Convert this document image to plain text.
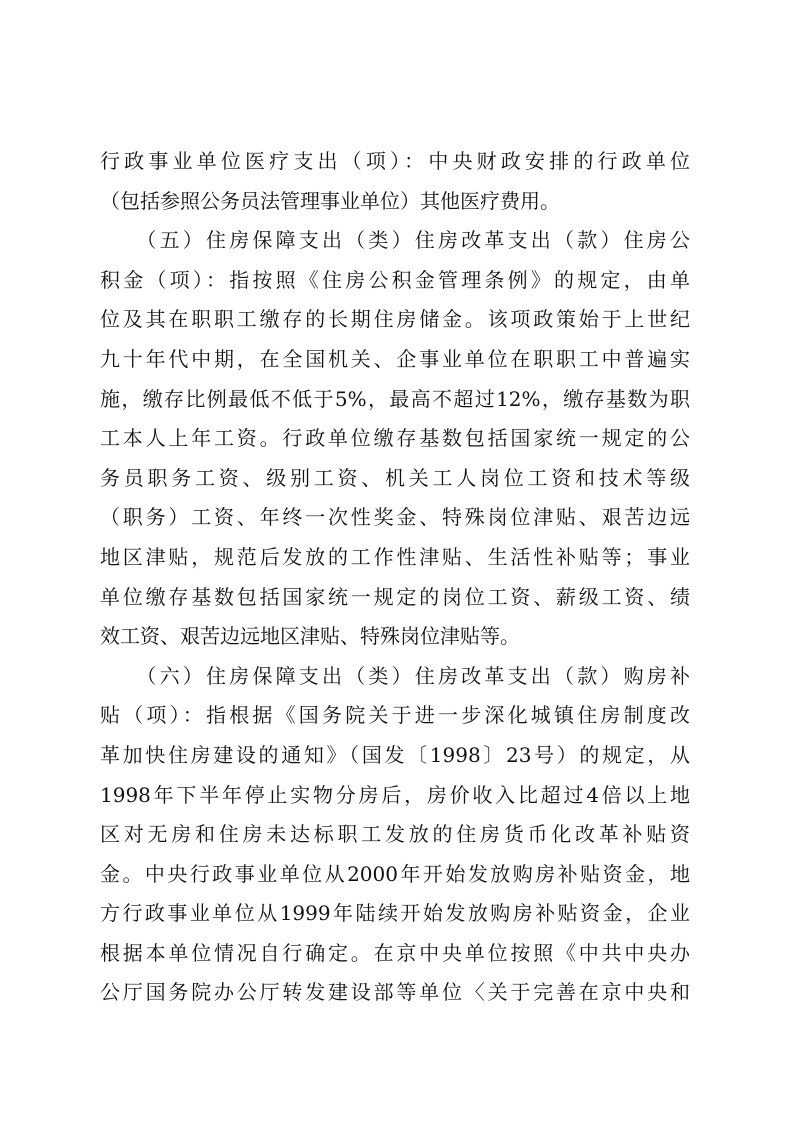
行政事业单位医疗支出（项）：中央财政安排的行政单位
（包括参照公务员法管理事业单位）其他医疗费用。
　　（五）住房保障支出（类）住房改革支出（款）住房公
积金（项）：指按照《住房公积金管理条例》的规定，由单
位及其在职职工缴存的长期住房储金。该项政策始于上世纪
九十年代中期，在全国机关、企事业单位在职职工中普遍实
施，缴存比例最低不低于5%，最高不超过12%，缴存基数为职
工本人上年工资。行政单位缴存基数包括国家统一规定的公
务员职务工资、级别工资、机关工人岗位工资和技术等级
（职务）工资、年终一次性奖金、特殊岗位津贴、艰苦边远
地区津贴，规范后发放的工作性津贴、生活性补贴等；事业
单位缴存基数包括国家统一规定的岗位工资、薪级工资、绩
效工资、艰苦边远地区津贴、特殊岗位津贴等。
　　（六）住房保障支出（类）住房改革支出（款）购房补
贴（项）：指根据《国务院关于进一步深化城镇住房制度改
革加快住房建设的通知》（国发〔1998〕23号）的规定，从
1998年下半年停止实物分房后，房价收入比超过4倍以上地
区对无房和住房未达标职工发放的住房货币化改革补贴资
金。中央行政事业单位从2000年开始发放购房补贴资金，地
方行政事业单位从1999年陆续开始发放购房补贴资金，企业
根据本单位情况自行确定。在京中央单位按照《中共中央办
公厅国务院办公厅转发建设部等单位〈关于完善在京中央和
